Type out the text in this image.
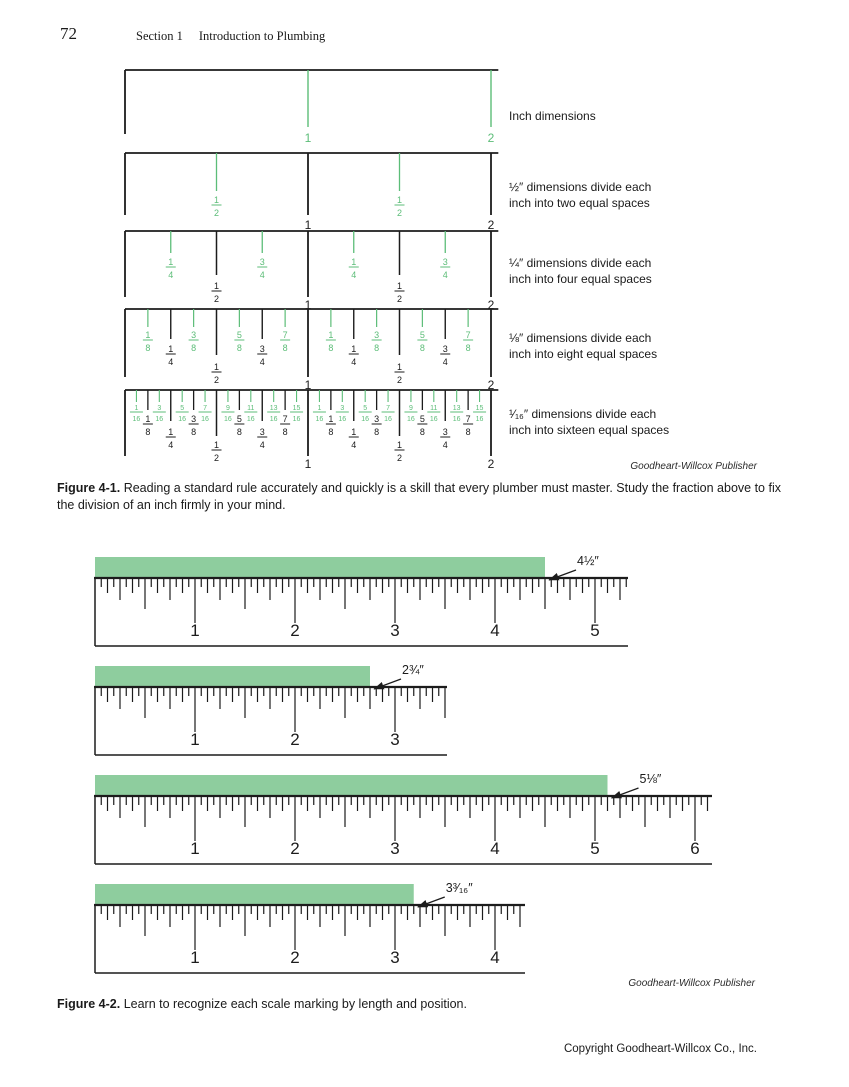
72	Section 1 Introduction to Plumbing
1	2
Inch dimensions
1	2
1
2
1
2
½″ dimensions divide each
inch into two equal spaces
1	2
1
2
1
2
1
4
3
4
1
4
3
4
¼″ dimensions divide each
inch into four equal spaces
1	2
1
2
1
2
1
4
3
4
1
4
3
4
1
8
3
8
5
8
7
8
1
8
3
8
5
8
7
8
⅛″ dimensions divide each
inch into eight equal spaces
1	2
1
2
1
2
1
4
3
4
1
4
3
4
1
8
3
8
5
8
7
8
1
8
3
8
5
8
7
8
1
16
3
16
5
16
7
16
9
16
11
16
13
16
15
16
1
16
3
16
5
16
7
16
9
16
11
16
13
16
15
16 ¹⁄₁₆″ dimensions divide each
inch into sixteen equal spaces
Goodheart-Willcox Publisher
Figure 4-1. Reading a standard rule accurately and quickly is a skill that every plumber must master. Study the fraction above to fix the division of an inch firmly in your mind.
1	2	3	4	5
4½″
1	2	3
2¾″
1	2	3	4	5	6
5⅛″
1	2	3	4
3³⁄₁₆″
Goodheart-Willcox Publisher
Figure 4-2. Learn to recognize each scale marking by length and position.
Copyright Goodheart-Willcox Co., Inc.
